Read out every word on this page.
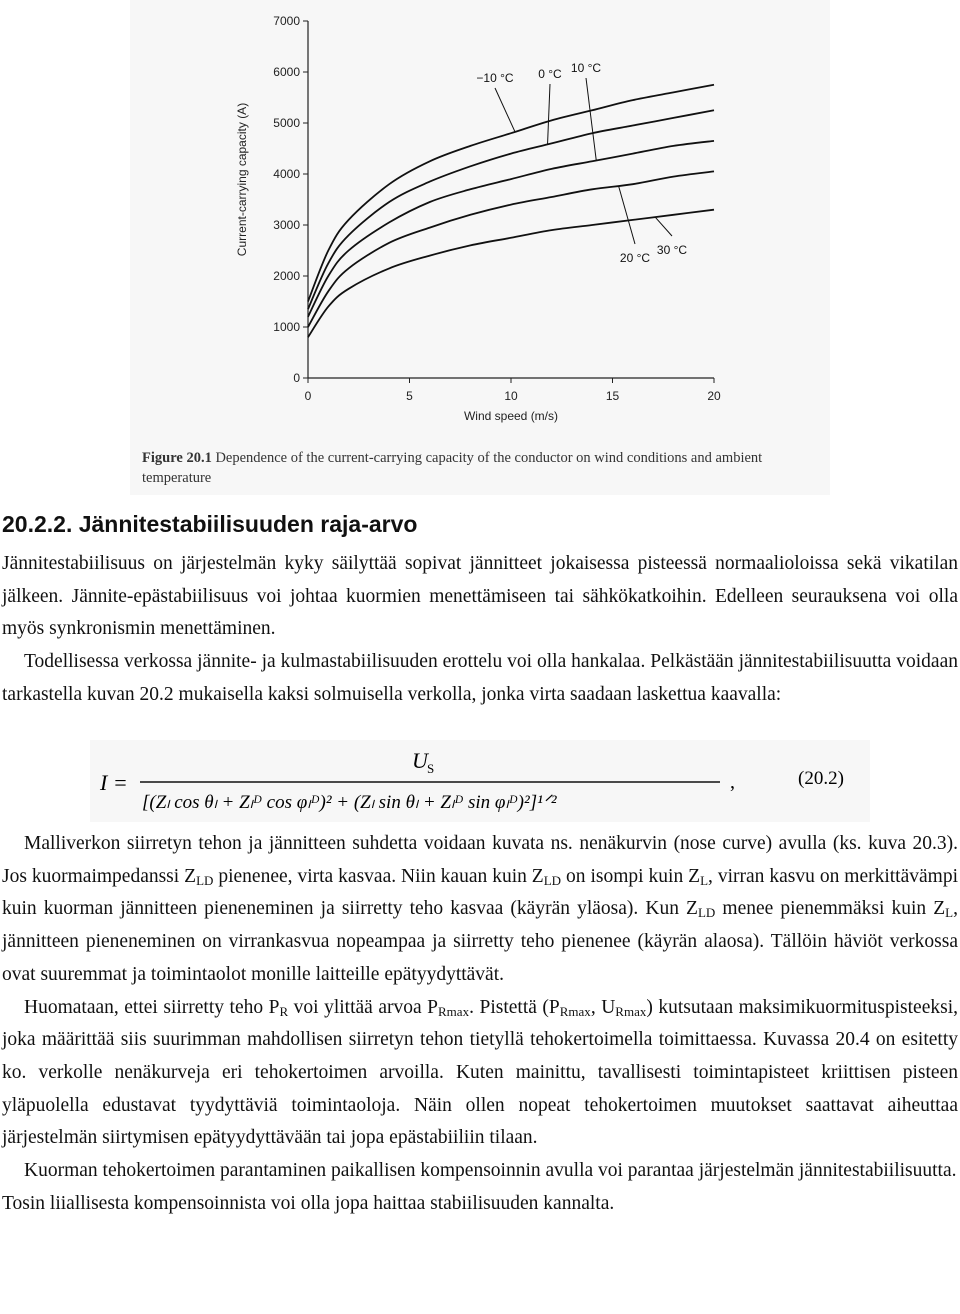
0
1000
2000
3000
4000
5000
6000
7000
0	5	10	15	20
Wind speed (m/s)
Current-carrying capacity (A)
−10 °C 0 °C 10 °C
20 °C
30 °C
Figure 20.1 Dependence of the current-carrying capacity of the conductor on wind conditions and ambient temperature
20.2.2. Jännitestabiilisuuden raja-arvo

Jännitestabiilisuus on järjestelmän kyky säilyttää sopivat jännitteet jokaisessa pisteessä normaalioloissa sekä vikatilan jälkeen. Jännite-epästabiilisuus voi johtaa kuormien menettämiseen tai sähkökatkoihin. Edelleen seurauksena voi olla myös synkronismin menettäminen.

Todellisessa verkossa jännite- ja kulmastabiilisuuden erottelu voi olla hankalaa. Pelkästään jännitestabiilisuutta voidaan tarkastella kuvan 20.2 mukaisella kaksi solmuisella verkolla, jonka virta saadaan laskettua kaavalla:

I =
U S
[(Zₗ cos θₗ + Zₗᴰ cos φₗᴰ)² + (Zₗ sin θₗ + Zₗᴰ sin φₗᴰ)²]¹ᐟ²
,	(20.2)

Malliverkon siirretyn tehon ja jännitteen suhdetta voidaan kuvata ns. nenäkurvin (nose curve) avulla (ks. kuva 20.3). Jos kuormaimpedanssi $Z_{LD}$ pienenee, virta kasvaa. Niin kauan kuin $Z_{LD}$ on isompi kuin $Z_L$, virran kasvu on merkittävämpi kuin kuorman jännitteen pieneneminen ja siirretty teho kasvaa (käyrän yläosa). Kun $Z_{LD}$ menee pienemmäksi kuin $Z_L$, jännitteen pieneneminen on virrankasvua nopeampaa ja siirretty teho pienenee (käyrän alaosa). Tällöin häviöt verkossa ovat suuremmat ja toimintaolot monille laitteille epätyydyttävät.

Huomataan, ettei siirretty teho $P_R$ voi ylittää arvoa $P_{Rmax}$. Pistettä ($P_{Rmax}$, $U_{Rmax}$) kutsutaan maksimikuormituspisteeksi, joka määrittää siis suurimman mahdollisen siirretyn tehon tietyllä tehokertoimella toimittaessa. Kuvassa 20.4 on esitetty ko. verkolle nenäkurveja eri tehokertoimen arvoilla. Kuten mainittu, tavallisesti toimintapisteet kriittisen pisteen yläpuolella edustavat tyydyttäviä toimintaoloja. Näin ollen nopeat tehokertoimen muutokset saattavat aiheuttaa järjestelmän siirtymisen epätyydyttävään tai jopa epästabiiliin tilaan.

Kuorman tehokertoimen parantaminen paikallisen kompensoinnin avulla voi parantaa järjestelmän jännitestabiilisuutta. Tosin liiallisesta kompensoinnista voi olla jopa haittaa stabiilisuuden kannalta.
